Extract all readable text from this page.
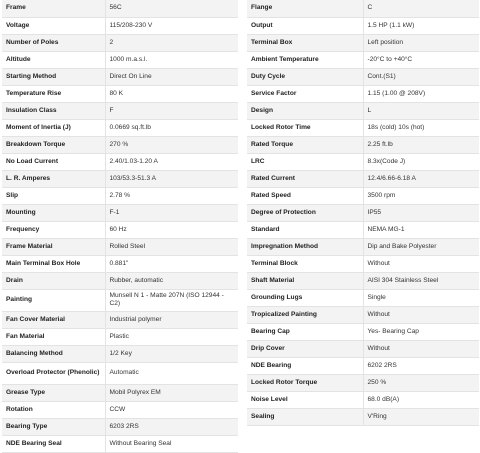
Frame	56C
Voltage	115/208-230 V
Number of Poles	2
Altitude	1000 m.a.s.l.
Starting Method	Direct On Line
Temperature Rise	80 K
Insulation Class	F
Moment of Inertia (J)	0.0669 sq.ft.lb
Breakdown Torque	270 %
No Load Current	2.40/1.03-1.20 A
L. R. Amperes	103/53.3-51.3 A
Slip	2.78 %
Mounting	F-1
Frequency	60 Hz
Frame Material	Rolled Steel
Main Terminal Box Hole	0.881"
Drain	Rubber, automatic
Painting	Munsell N 1 - Matte 207N (ISO 12944 - C2)
Fan Cover Material	Industrial polymer
Fan Material	Plastic
Balancing Method	1/2 Key
Overload Protector (Phenolic)	Automatic
Grease Type	Mobil Polyrex EM
Rotation	CCW
Bearing Type	6203 2RS
NDE Bearing Seal	Without Bearing Seal
Flange	C
Output	1.5 HP (1.1 kW)
Terminal Box	Left position
Ambient Temperature	-20°C to +40°C
Duty Cycle	Cont.(S1)
Service Factor	1.15 (1.00 @ 208V)
Design	L
Locked Rotor Time	18s (cold) 10s (hot)
Rated Torque	2.25 ft.lb
LRC	8.3x(Code J)
Rated Current	12.4/6.66-6.18 A
Rated Speed	3500 rpm
Degree of Protection	IP55
Standard	NEMA MG-1
Impregnation Method	Dip and Bake Polyester
Terminal Block	Without
Shaft Material	AISI 304 Stainless Steel
Grounding Lugs	Single
Tropicalized Painting	Without
Bearing Cap	Yes- Bearing Cap
Drip Cover	Without
NDE Bearing	6202 2RS
Locked Rotor Torque	250 %
Noise Level	68.0 dB(A)
Sealing	V'Ring
